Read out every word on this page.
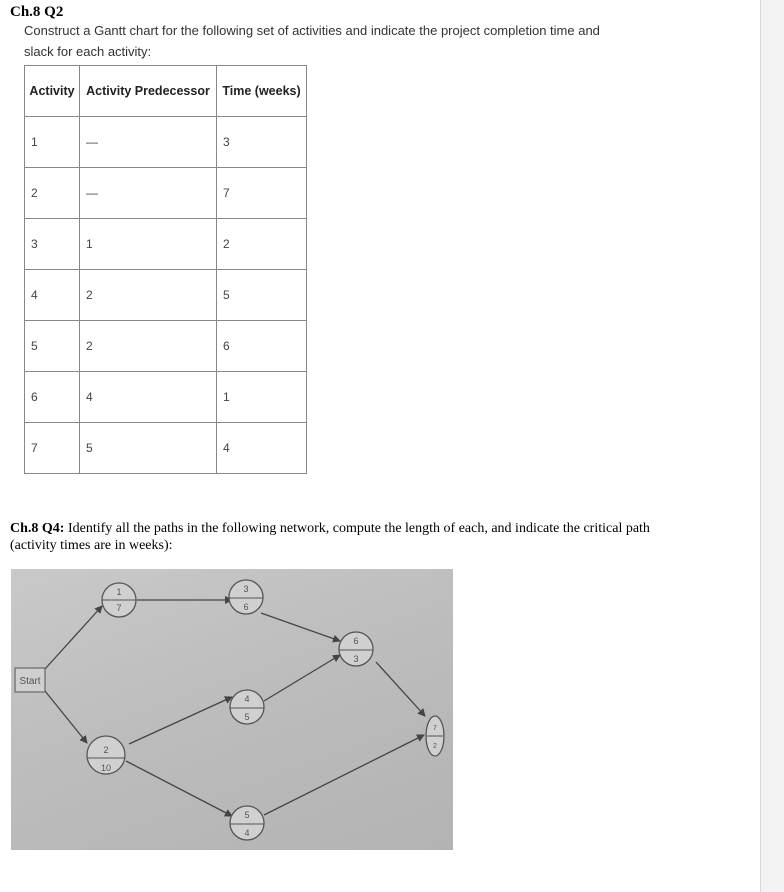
Ch.8 Q2
Construct a Gantt chart for the following set of activities and indicate the project completion time and slack for each activity:
Activity	Activity Predecessor	Time (weeks)
1	—	3
2	—	7
3	1	2
4	2	5
5	2	6
6	4	1
7	5	4
Ch.8 Q4: Identify all the paths in the following network, compute the length of each, and indicate the critical path (activity times are in weeks):
Start
1
7
3
6
2
10
4
5
5
4
6
3
7
2
